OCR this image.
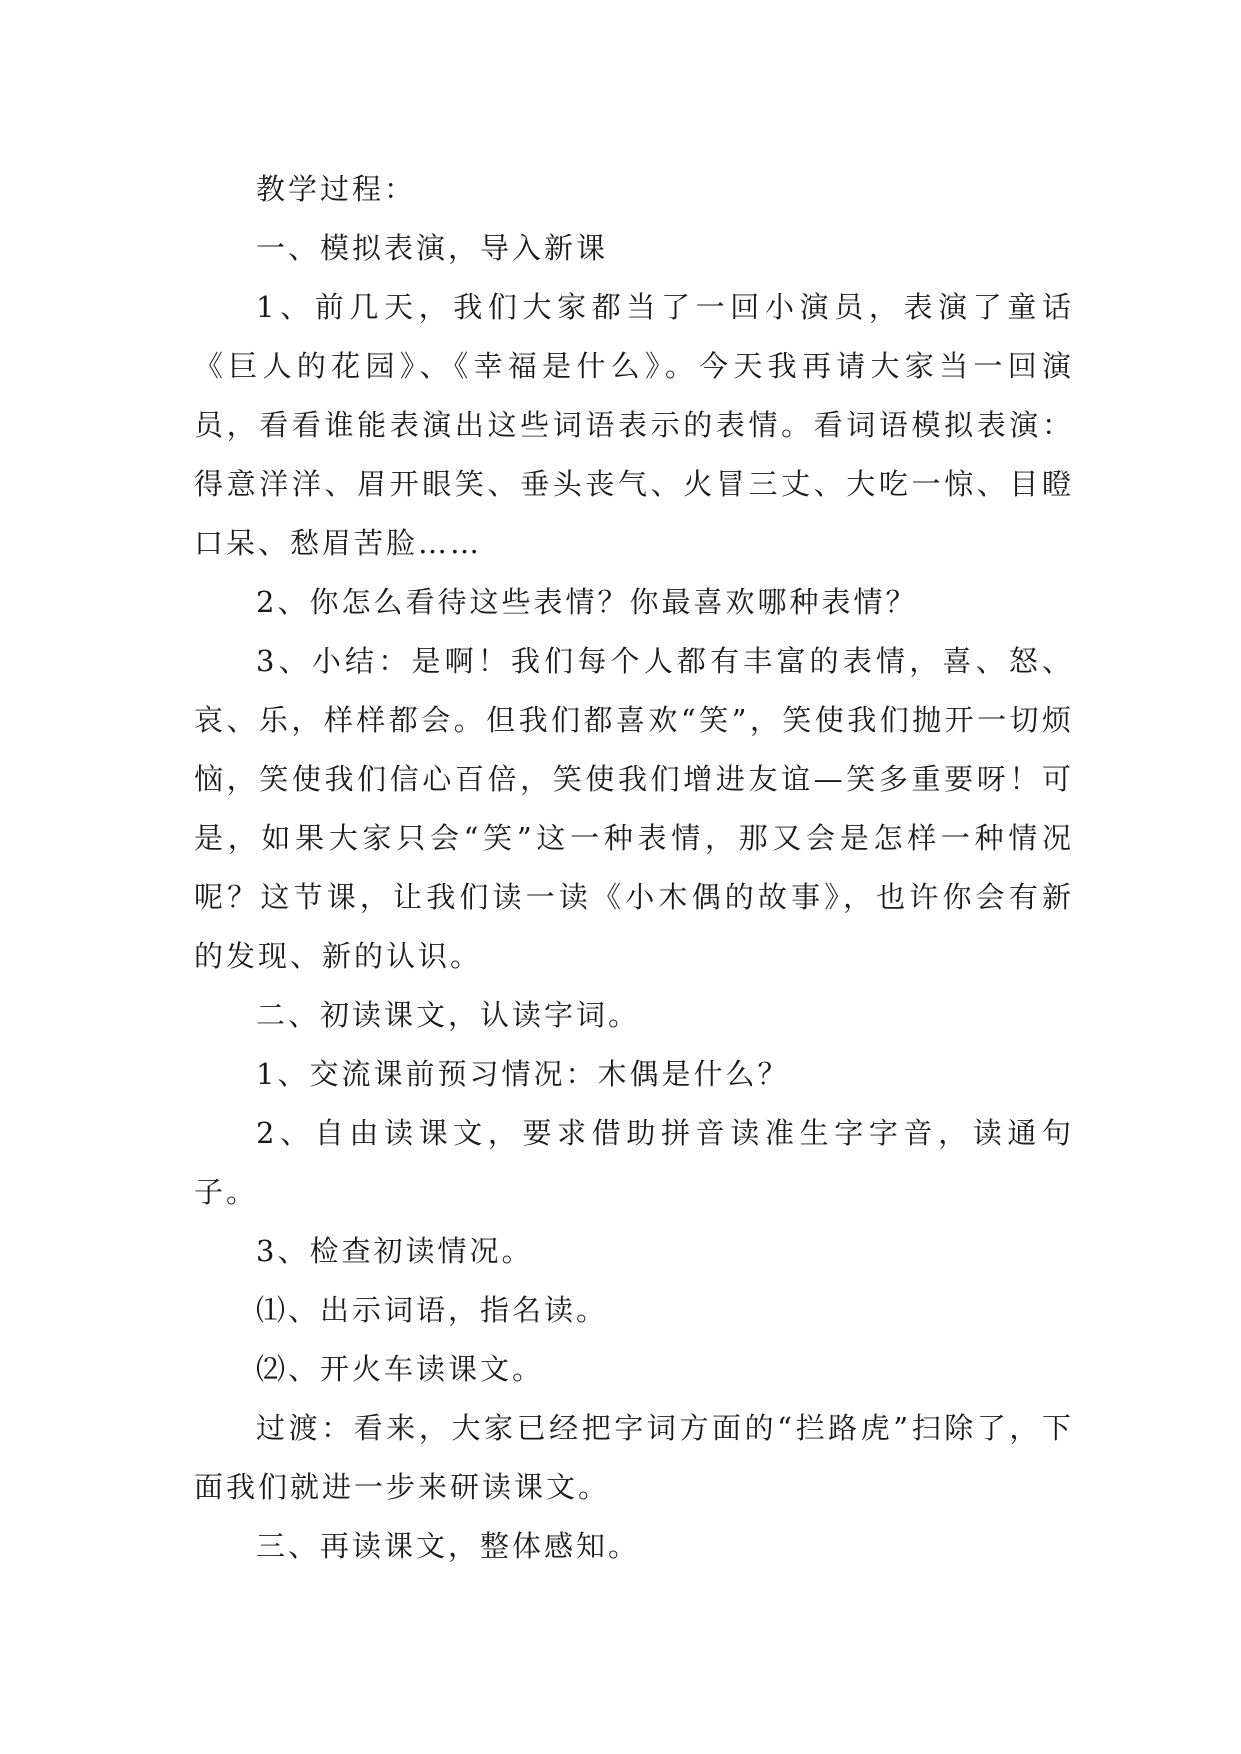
教学过程：

一、模拟表演，导入新课

1、前几天，我们大家都当了一回小演员，表演了童话《巨人的花园》、《幸福是什么》。今天我再请大家当一回演员，看看谁能表演出这些词语表示的表情。看词语模拟表演：得意洋洋、眉开眼笑、垂头丧气、火冒三丈、大吃一惊、目瞪口呆、愁眉苦脸……

2、你怎么看待这些表情？你最喜欢哪种表情？

3、小结：是啊！我们每个人都有丰富的表情，喜、怒、哀、乐，样样都会。但我们都喜欢“笑”，笑使我们抛开一切烦恼，笑使我们信心百倍，笑使我们增进友谊—笑多重要呀！可是，如果大家只会“笑”这一种表情，那又会是怎样一种情况呢？这节课，让我们读一读《小木偶的故事》，也许你会有新的发现、新的认识。

二、初读课文，认读字词。

1、交流课前预习情况：木偶是什么？

2、自由读课文，要求借助拼音读准生字字音，读通句子。

3、检查初读情况。

⑴、出示词语，指名读。

⑵、开火车读课文。

过渡：看来，大家已经把字词方面的“拦路虎”扫除了，下面我们就进一步来研读课文。

三、再读课文，整体感知。
